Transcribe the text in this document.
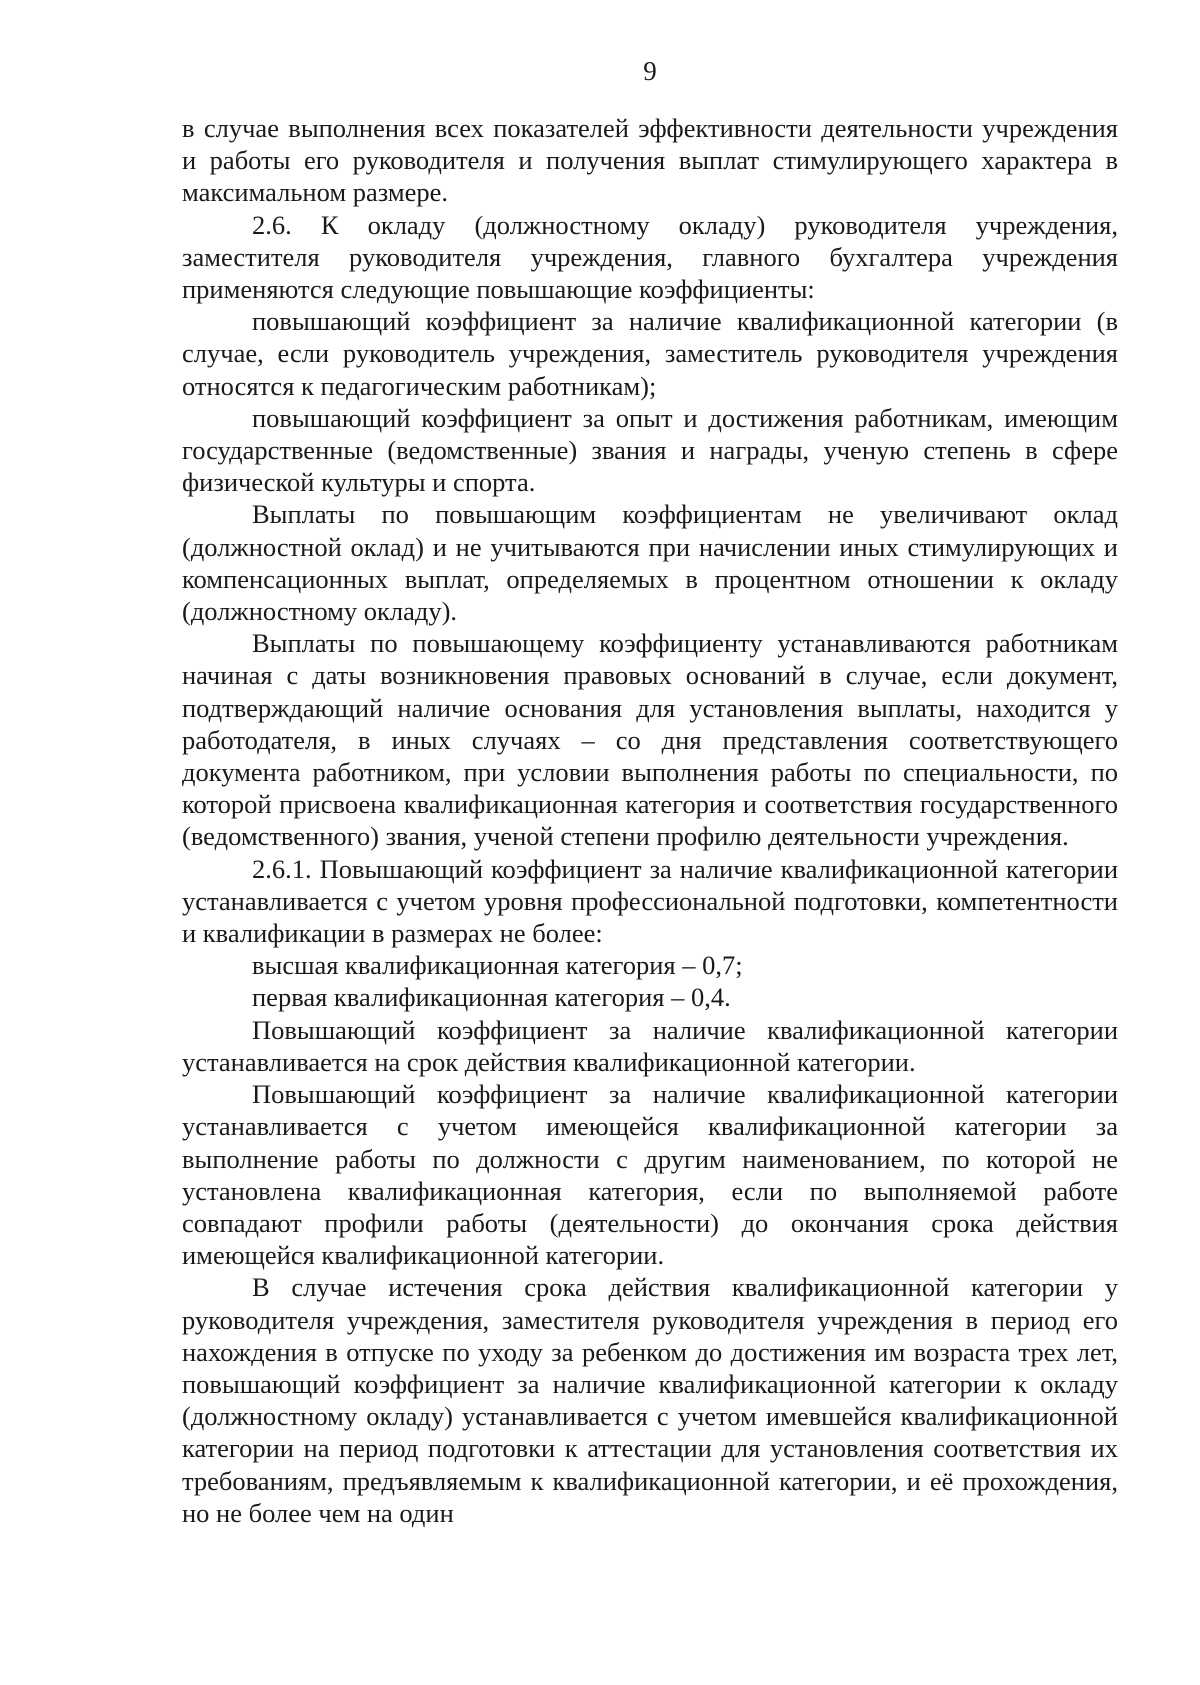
9

в случае выполнения всех показателей эффективности деятельности учреждения и работы его руководителя и получения выплат стимулирующего характера в максимальном размере.

2.6. К окладу (должностному окладу) руководителя учреждения, заместителя руководителя учреждения, главного бухгалтера учреждения применяются следующие повышающие коэффициенты:

повышающий коэффициент за наличие квалификационной категории (в случае, если руководитель учреждения, заместитель руководителя учреждения относятся к педагогическим работникам);

повышающий коэффициент за опыт и достижения работникам, имеющим государственные (ведомственные) звания и награды, ученую степень в сфере физической культуры и спорта.

Выплаты по повышающим коэффициентам не увеличивают оклад (должностной оклад) и не учитываются при начислении иных стимулирующих и компенсационных выплат, определяемых в процентном отношении к окладу (должностному окладу).

Выплаты по повышающему коэффициенту устанавливаются работникам начиная с даты возникновения правовых оснований в случае, если документ, подтверждающий наличие основания для установления выплаты, находится у работодателя, в иных случаях – со дня представления соответствующего документа работником, при условии выполнения работы по специальности, по которой присвоена квалификационная категория и соответствия государственного (ведомственного) звания, ученой степени профилю деятельности учреждения.

2.6.1. Повышающий коэффициент за наличие квалификационной категории устанавливается с учетом уровня профессиональной подготовки, компетентности и квалификации в размерах не более:

высшая квалификационная категория – 0,7;

первая квалификационная категория – 0,4.

Повышающий коэффициент за наличие квалификационной категории устанавливается на срок действия квалификационной категории.

Повышающий коэффициент за наличие квалификационной категории устанавливается с учетом имеющейся квалификационной категории за выполнение работы по должности с другим наименованием, по которой не установлена квалификационная категория, если по выполняемой работе совпадают профили работы (деятельности) до окончания срока действия имеющейся квалификационной категории.

В случае истечения срока действия квалификационной категории у руководителя учреждения, заместителя руководителя учреждения в период его нахождения в отпуске по уходу за ребенком до достижения им возраста трех лет, повышающий коэффициент за наличие квалификационной категории к окладу (должностному окладу) устанавливается с учетом имевшейся квалификационной категории на период подготовки к аттестации для установления соответствия их требованиям, предъявляемым к квалификационной категории, и её прохождения, но не более чем на один
